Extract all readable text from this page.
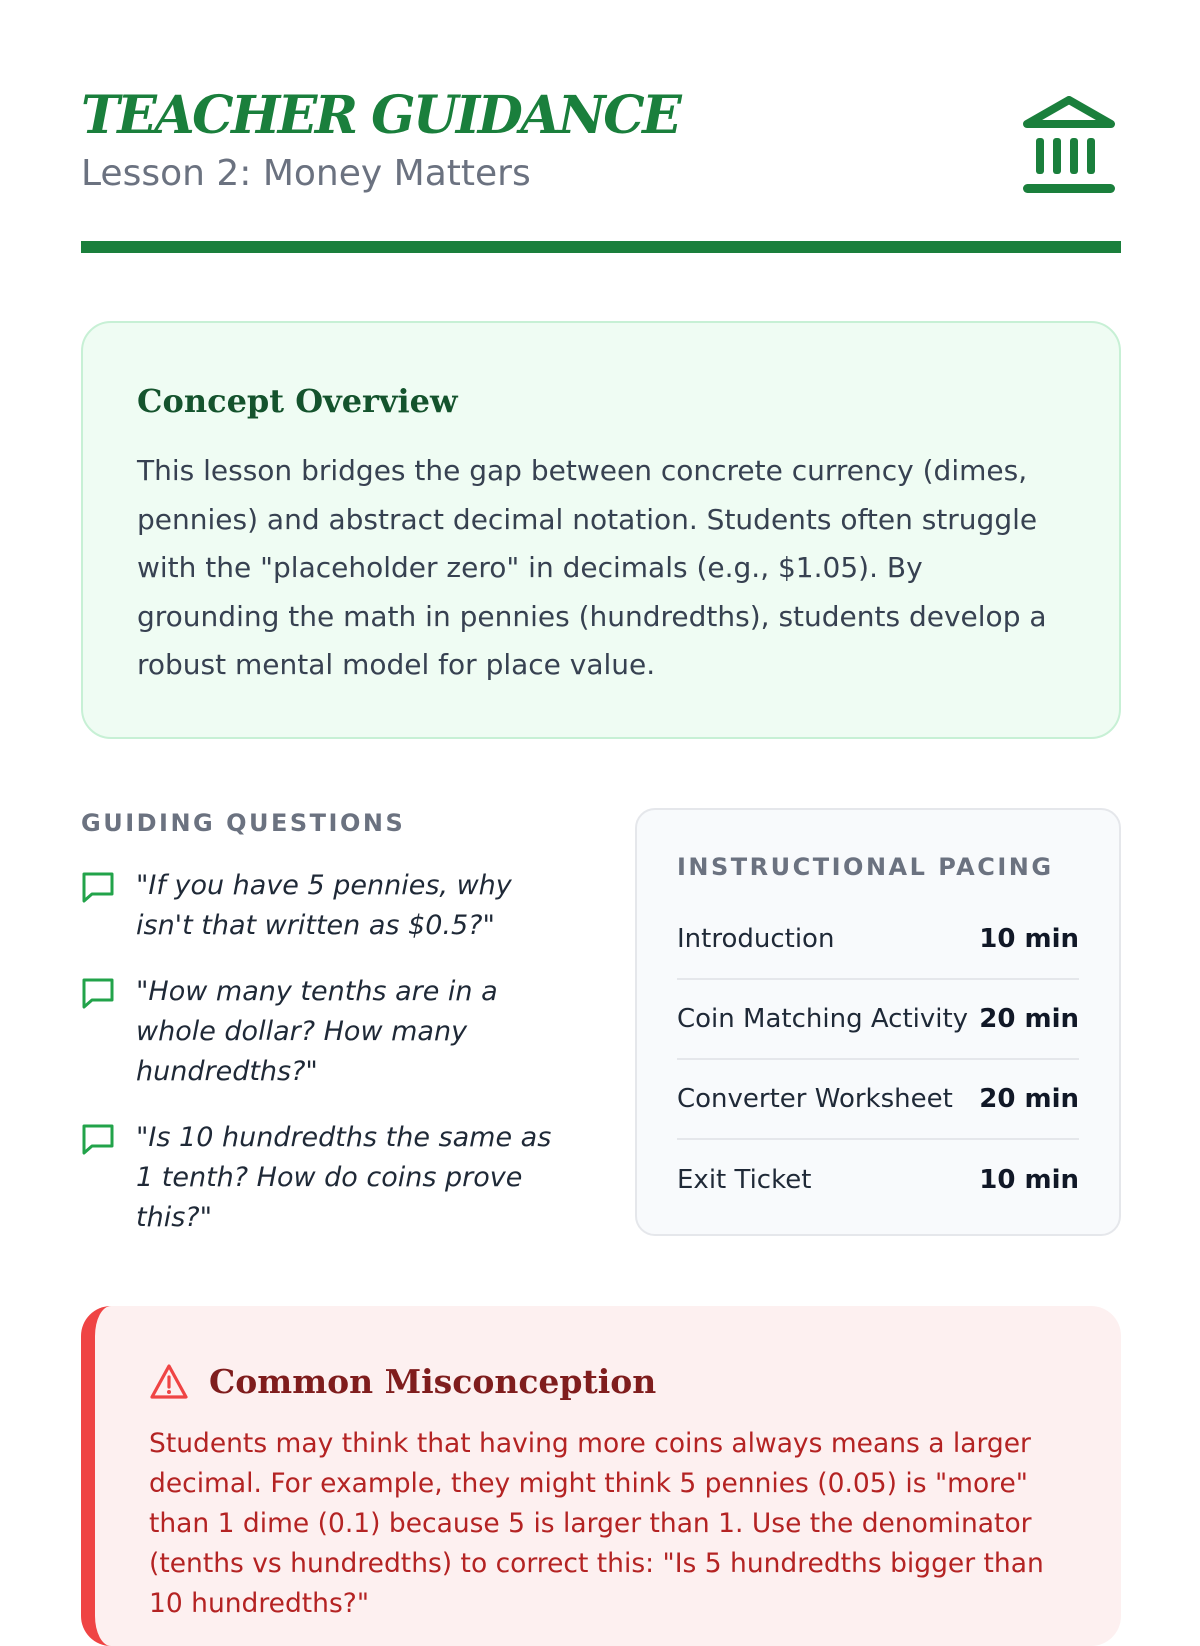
TEACHER GUIDANCE
Lesson 2: Money Matters
Concept Overview

This lesson bridges the gap between concrete currency (dimes, pennies) and abstract decimal notation. Students often struggle with the "placeholder zero" in decimals (e.g., $1.05). By grounding the math in pennies (hundredths), students develop a robust mental model for place value.

GUIDING QUESTIONS
"If you have 5 pennies, why isn't that written as $0.5?"
"How many tenths are in a whole dollar? How many hundredths?"
"Is 10 hundredths the same as 1 tenth? How do coins prove this?"
INSTRUCTIONAL PACING
Introduction	10 min
Coin Matching Activity 20 min
Converter Worksheet 20 min
Exit Ticket	10 min
Common Misconception

Students may think that having more coins always means a larger decimal. For example, they might think 5 pennies (0.05) is "more" than 1 dime (0.1) because 5 is larger than 1. Use the denominator (tenths vs hundredths) to correct this: "Is 5 hundredths bigger than 10 hundredths?"
